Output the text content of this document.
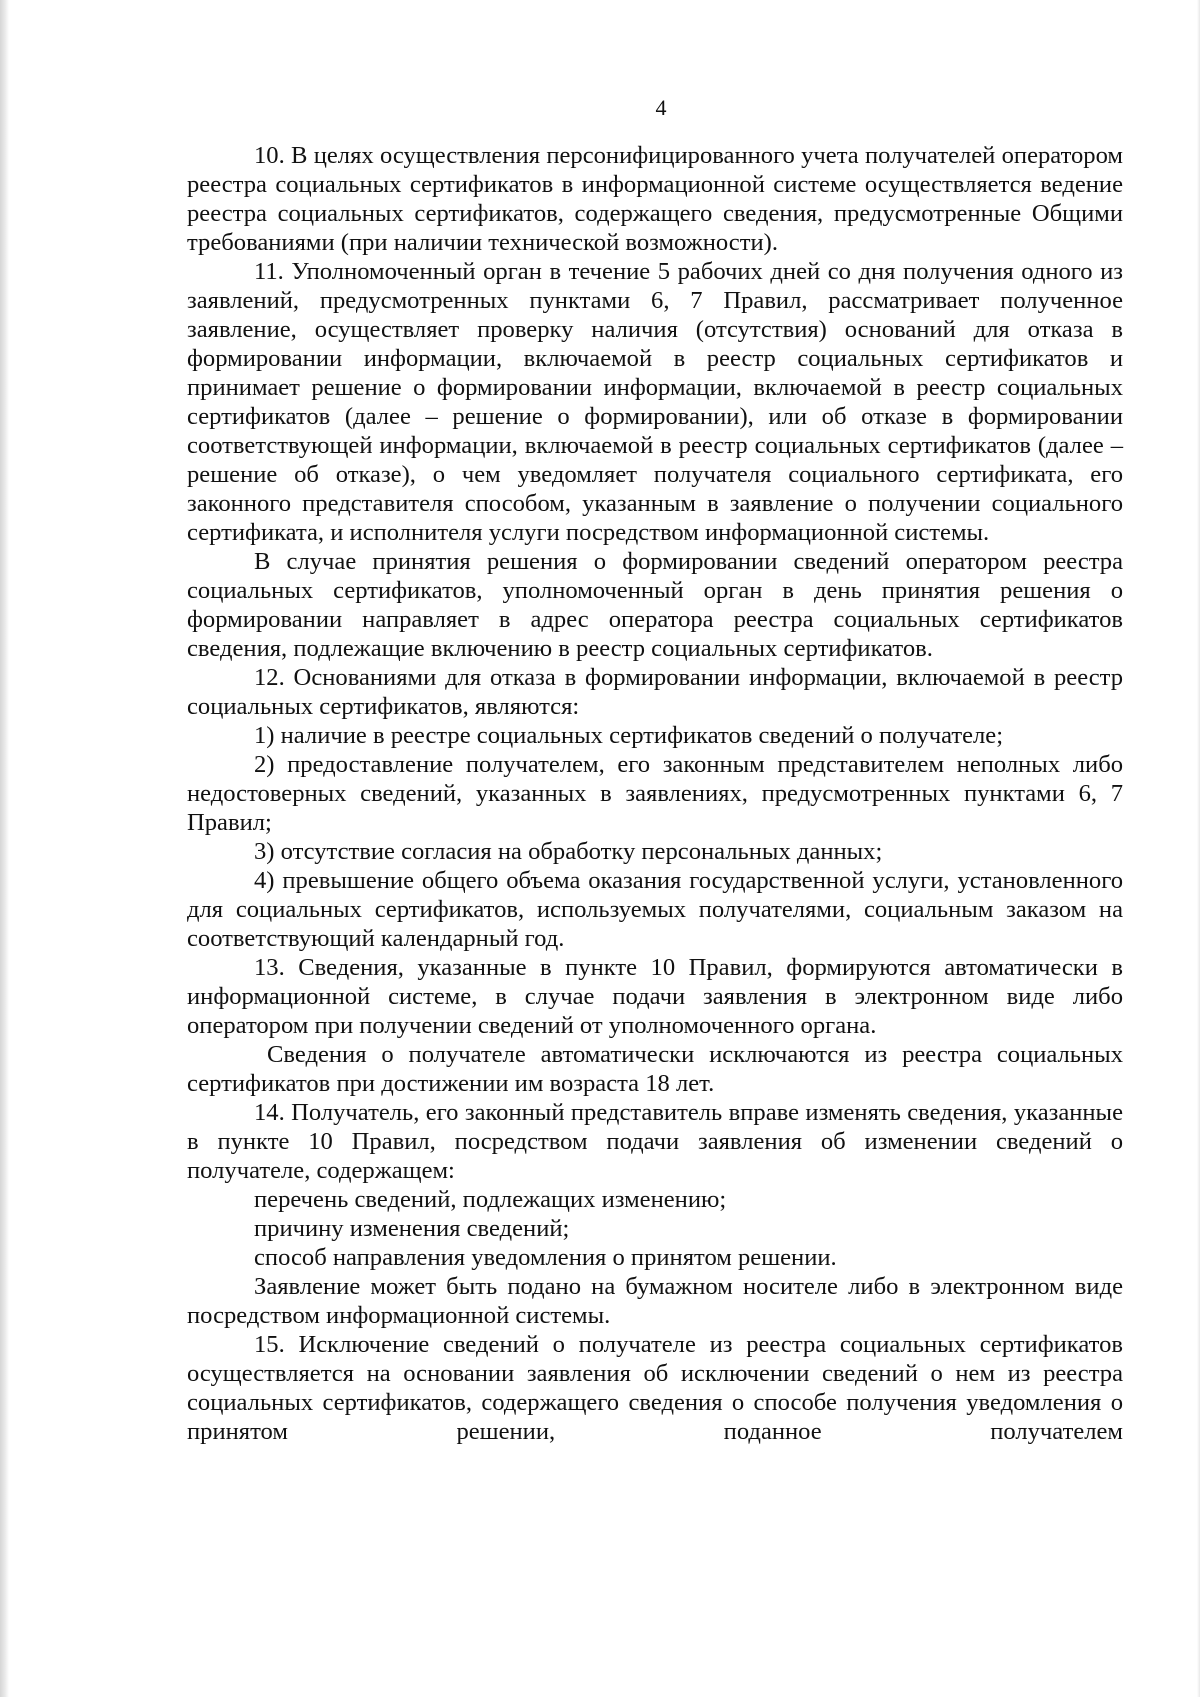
4

10. В целях осуществления персонифицированного учета получателей оператором реестра социальных сертификатов в информационной системе осуществляется ведение реестра социальных сертификатов, содержащего сведения, предусмотренные Общими требованиями (при наличии технической возможности).

11. Уполномоченный орган в течение 5 рабочих дней со дня получения одного из заявлений, предусмотренных пунктами 6, 7 Правил, рассматривает полученное заявление, осуществляет проверку наличия (отсутствия) оснований для отказа в формировании информации, включаемой в реестр социальных сертификатов и принимает решение о формировании информации, включаемой в реестр социальных сертификатов (далее – решение о формировании), или об отказе в формировании соответствующей информации, включаемой в реестр социальных сертификатов (далее – решение об отказе), о чем уведомляет получателя социального сертификата, его законного представителя способом, указанным в заявление о получении социального сертификата, и исполнителя услуги посредством информационной системы.

В случае принятия решения о формировании сведений оператором реестра социальных сертификатов, уполномоченный орган в день принятия решения о формировании направляет в адрес оператора реестра социальных сертификатов сведения, подлежащие включению в реестр социальных сертификатов.

12. Основаниями для отказа в формировании информации, включаемой в реестр социальных сертификатов, являются:

1) наличие в реестре социальных сертификатов сведений о получателе;

2) предоставление получателем, его законным представителем неполных либо недостоверных сведений, указанных в заявлениях, предусмотренных пунктами 6, 7 Правил;

3) отсутствие согласия на обработку персональных данных;

4) превышение общего объема оказания государственной услуги, установленного для социальных сертификатов, используемых получателями, социальным заказом на соответствующий календарный год.

13. Сведения, указанные в пункте 10 Правил, формируются автоматически в информационной системе, в случае подачи заявления в электронном виде либо оператором при получении сведений от уполномоченного органа.

Сведения о получателе автоматически исключаются из реестра социальных сертификатов при достижении им возраста 18 лет.

14. Получатель, его законный представитель вправе изменять сведения, указанные в пункте 10 Правил, посредством подачи заявления об изменении сведений о получателе, содержащем:

перечень сведений, подлежащих изменению;

причину изменения сведений;

способ направления уведомления о принятом решении.

Заявление может быть подано на бумажном носителе либо в электронном виде посредством информационной системы.

15. Исключение сведений о получателе из реестра социальных сертификатов осуществляется на основании заявления об исключении сведений о нем из реестра социальных сертификатов, содержащего сведения о способе получения уведомления о принятом решении, поданное получателем
